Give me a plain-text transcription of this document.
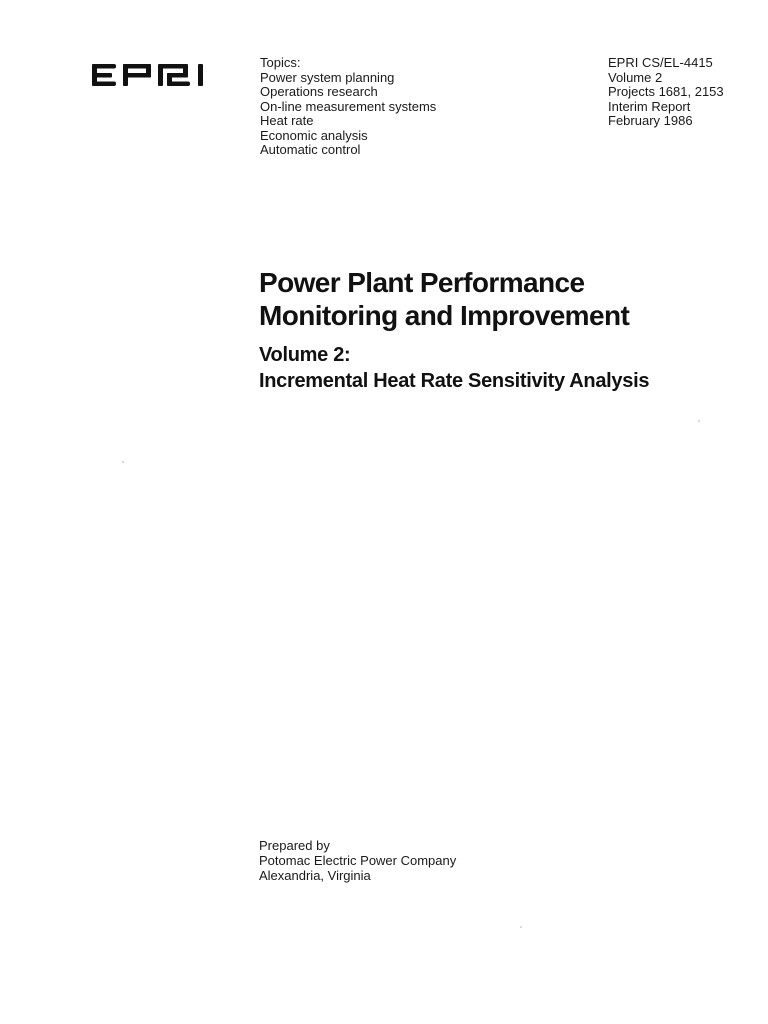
Topics:
Power system planning
Operations research
On-line measurement systems
Heat rate
Economic analysis
Automatic control
EPRI CS/EL-4415
Volume 2
Projects 1681, 2153
Interim Report
February 1986
Power Plant Performance
Monitoring and Improvement
Volume 2:
Incremental Heat Rate Sensitivity Analysis
Prepared by
Potomac Electric Power Company
Alexandria, Virginia
